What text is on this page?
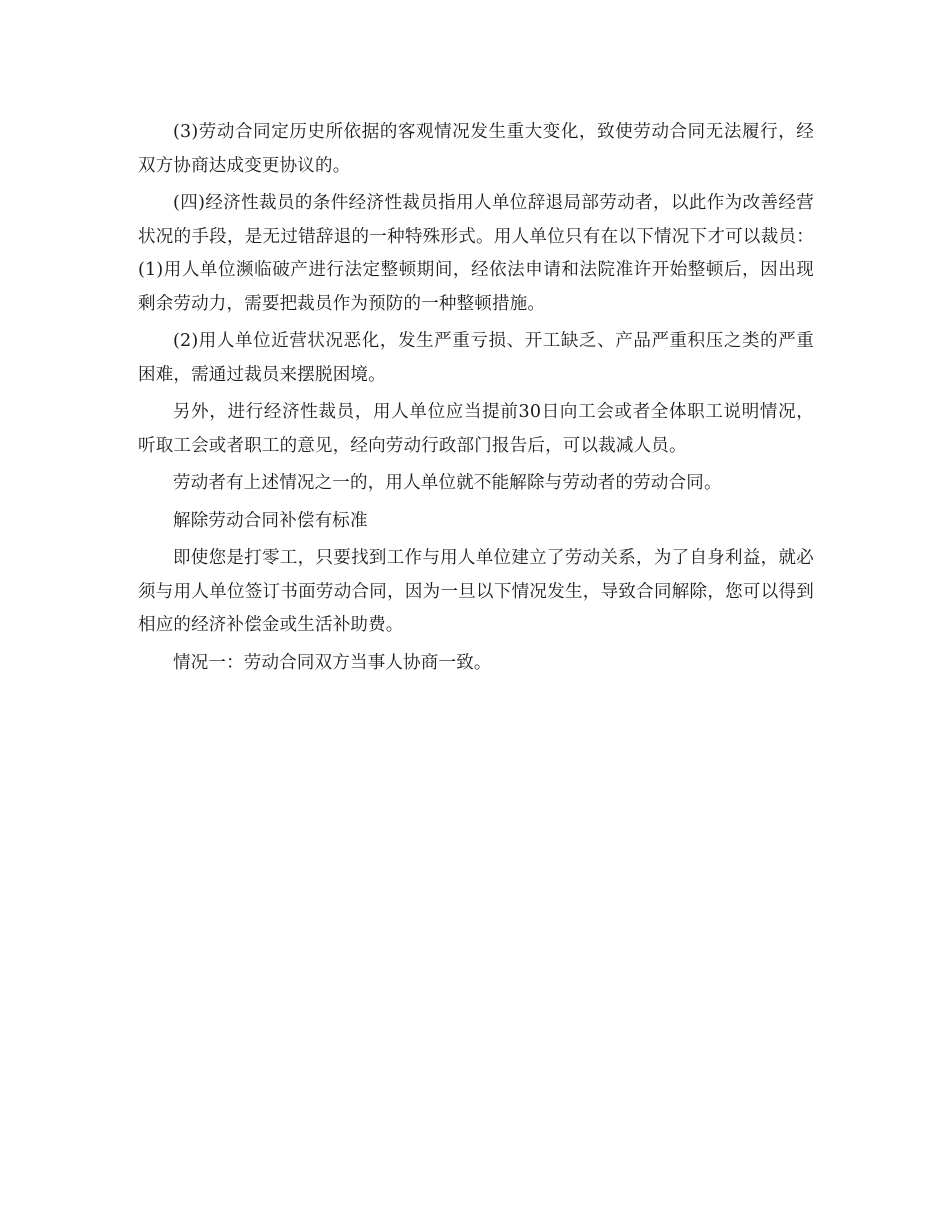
(3)劳动合同定历史所依据的客观情况发生重大变化，致使劳动合同无法履行，经双方协商达成变更协议的。

(四)经济性裁员的条件经济性裁员指用人单位辞退局部劳动者，以此作为改善经营状况的手段，是无过错辞退的一种特殊形式。用人单位只有在以下情况下才可以裁员：(1)用人单位濒临破产进行法定整顿期间，经依法申请和法院准许开始整顿后，因出现剩余劳动力，需要把裁员作为预防的一种整顿措施。

(2)用人单位近营状况恶化，发生严重亏损、开工缺乏、产品严重积压之类的严重困难，需通过裁员来摆脱困境。

另外，进行经济性裁员，用人单位应当提前30日向工会或者全体职工说明情况，听取工会或者职工的意见，经向劳动行政部门报告后，可以裁减人员。

劳动者有上述情况之一的，用人单位就不能解除与劳动者的劳动合同。

解除劳动合同补偿有标准

即使您是打零工，只要找到工作与用人单位建立了劳动关系，为了自身利益，就必须与用人单位签订书面劳动合同，因为一旦以下情况发生，导致合同解除，您可以得到相应的经济补偿金或生活补助费。

情况一：劳动合同双方当事人协商一致。
